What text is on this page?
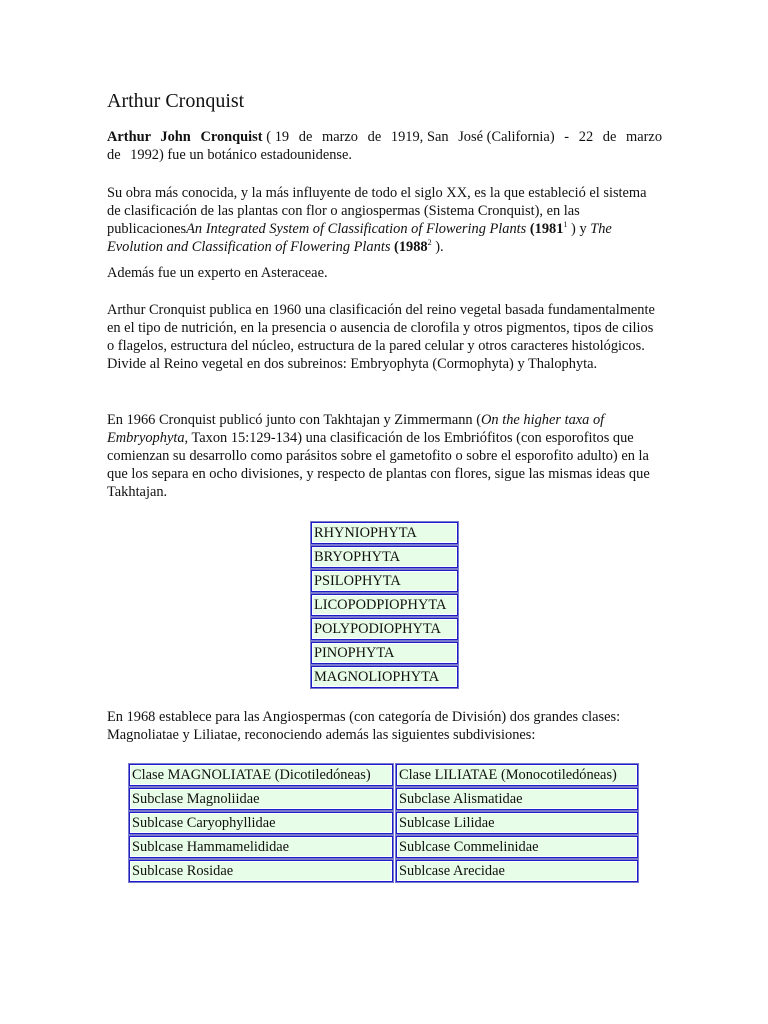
Arthur Cronquist

Arthur John Cronquist ( 19 de marzo de 1919, San José (California) - 22 de marzo de 1992) fue un botánico estadounidense.

Su obra más conocida, y la más influyente de todo el siglo XX, es la que estableció el sistema de clasificación de las plantas con flor o angiospermas (Sistema Cronquist), en las publicacionesAn Integrated System of Classification of Flowering Plants (1981$^1$ ) y The Evolution and Classification of Flowering Plants (1988$^2$ ).

Además fue un experto en Asteraceae.

Arthur Cronquist publica en 1960 una clasificación del reino vegetal basada fundamentalmente en el tipo de nutrición, en la presencia o ausencia de clorofila y otros pigmentos, tipos de cilios o flagelos, estructura del núcleo, estructura de la pared celular y otros caracteres histológicos. Divide al Reino vegetal en dos subreinos: Embryophyta (Cormophyta) y Thalophyta.

En 1966 Cronquist publicó junto con Takhtajan y Zimmermann (On the higher taxa of Embryophyta, Taxon 15:129-134) una clasificación de los Embriófitos (con esporofitos que comienzan su desarrollo como parásitos sobre el gametofito o sobre el esporofito adulto) en la que los separa en ocho divisiones, y respecto de plantas con flores, sigue las mismas ideas que Takhtajan.

RHYNIOPHYTA
BRYOPHYTA
PSILOPHYTA
LICOPODPIOPHYTA
POLYPODIOPHYTA
PINOPHYTA
MAGNOLIOPHYTA

En 1968 establece para las Angiospermas (con categoría de División) dos grandes clases: Magnoliatae y Liliatae, reconociendo además las siguientes subdivisiones:

Clase MAGNOLIATAE (Dicotiledóneas)	Clase LILIATAE (Monocotiledóneas)
Subclase Magnoliidae	Subclase Alismatidae
Sublcase Caryophyllidae	Sublcase Lilidae
Sublcase Hammamelididae	Sublcase Commelinidae
Sublcase Rosidae	Sublcase Arecidae
